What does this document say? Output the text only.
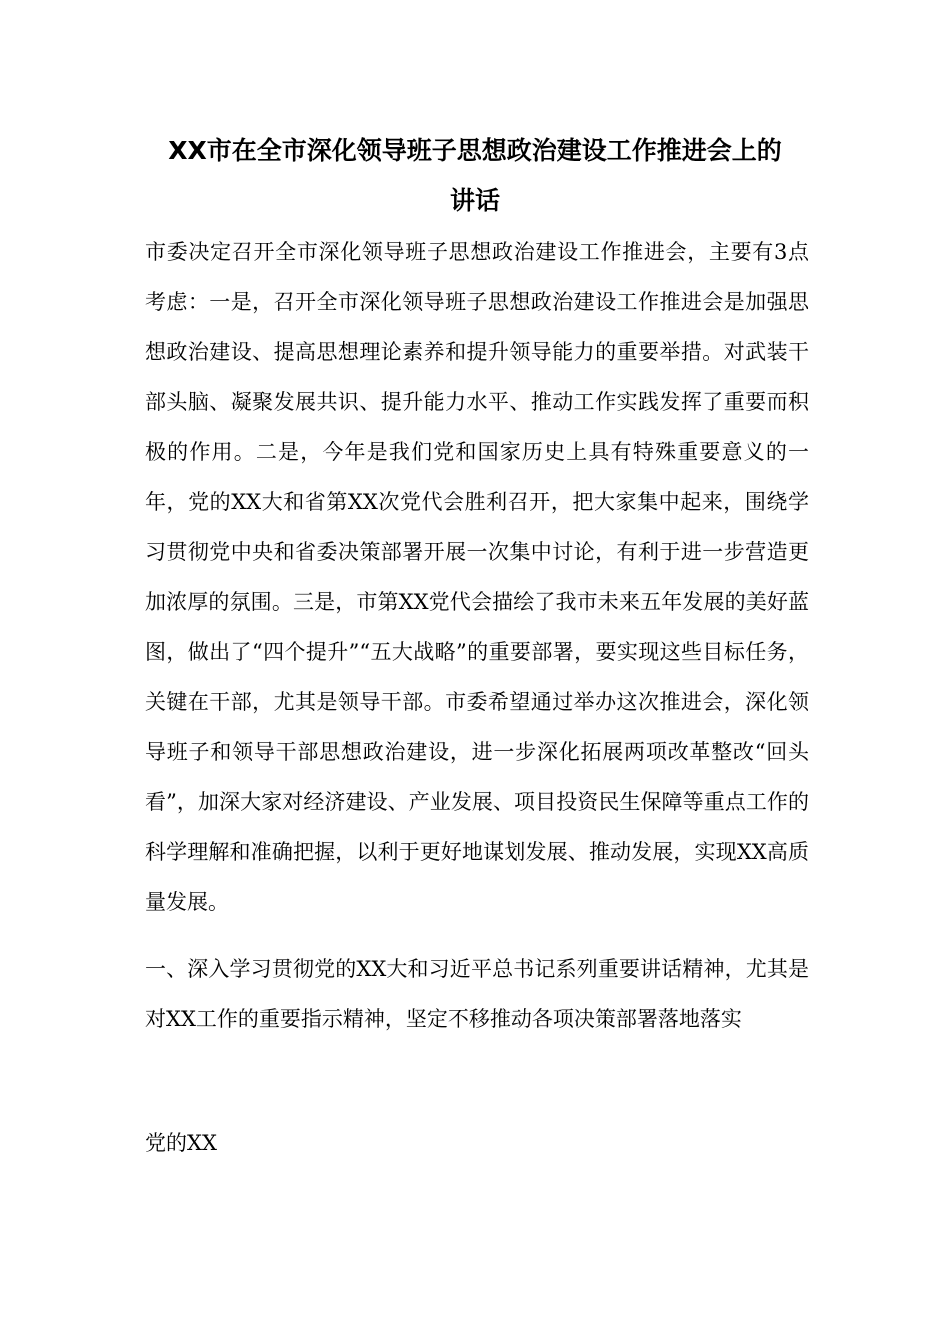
XX市在全市深化领导班子思想政治建设工作推进会上的
讲话

市委决定召开全市深化领导班子思想政治建设工作推进会，主要有3点考虑：一是，召开全市深化领导班子思想政治建设工作推进会是加强思想政治建设、提高思想理论素养和提升领导能力的重要举措。对武装干部头脑、凝聚发展共识、提升能力水平、推动工作实践发挥了重要而积极的作用。二是，今年是我们党和国家历史上具有特殊重要意义的一年，党的XX大和省第XX次党代会胜利召开，把大家集中起来，围绕学习贯彻党中央和省委决策部署开展一次集中讨论，有利于进一步营造更加浓厚的氛围。三是，市第XX党代会描绘了我市未来五年发展的美好蓝图，做出了“四个提升”“五大战略”的重要部署，要实现这些目标任务，关键在干部，尤其是领导干部。市委希望通过举办这次推进会，深化领导班子和领导干部思想政治建设，进一步深化拓展两项改革整改“回头看”，加深大家对经济建设、产业发展、项目投资民生保障等重点工作的科学理解和准确把握，以利于更好地谋划发展、推动发展，实现XX高质量发展。

一、深入学习贯彻党的XX大和习近平总书记系列重要讲话精神，尤其是对XX工作的重要指示精神，坚定不移推动各项决策部署落地落实

党的XX
